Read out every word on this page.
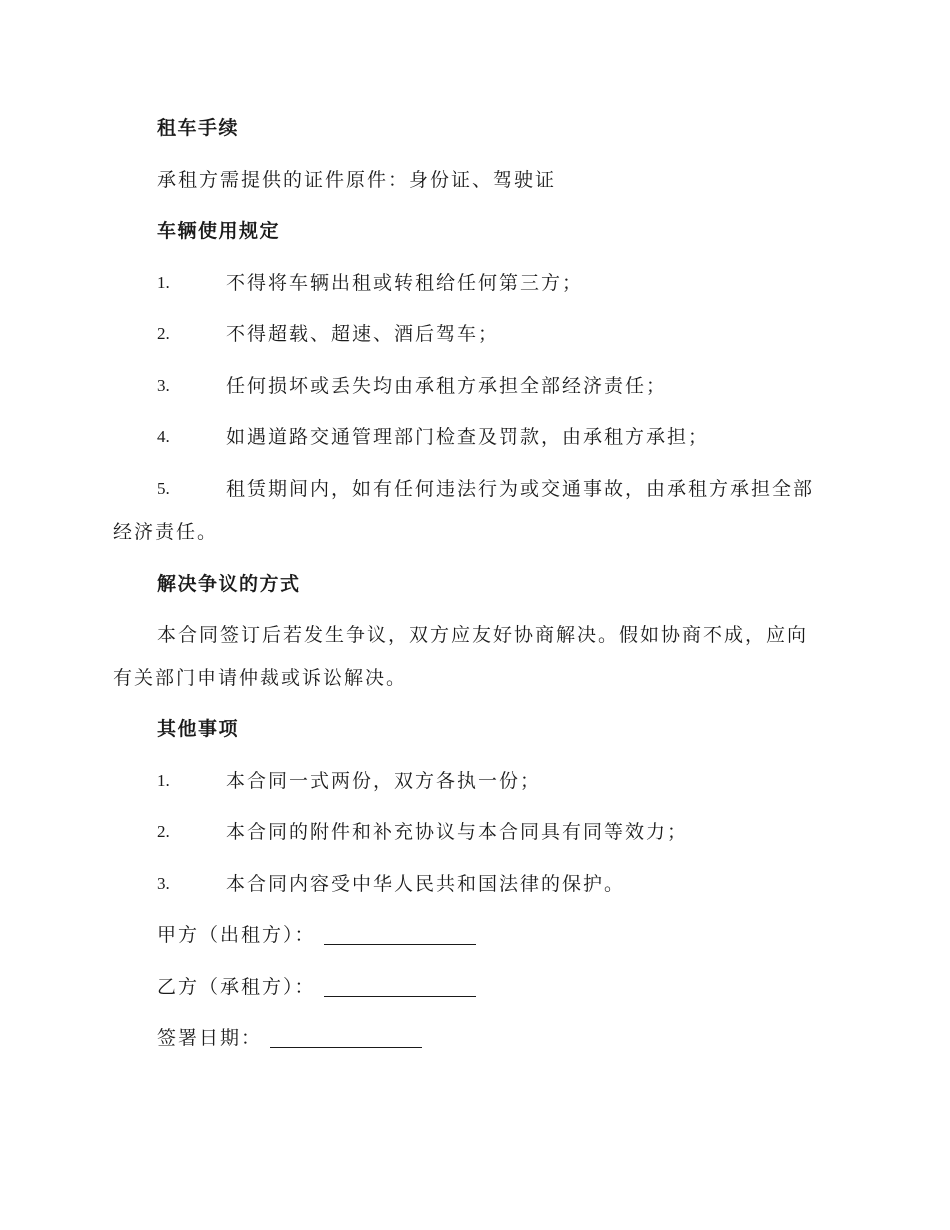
租车手续
承租方需提供的证件原件：身份证、驾驶证
车辆使用规定
1.	不得将车辆出租或转租给任何第三方；
2.	不得超载、超速、酒后驾车；
3.	任何损坏或丢失均由承租方承担全部经济责任；
4.	如遇道路交通管理部门检查及罚款，由承租方承担；
5.	租赁期间内，如有任何违法行为或交通事故，由承租方承担全部
经济责任。
解决争议的方式
本合同签订后若发生争议，双方应友好协商解决。假如协商不成，应向
有关部门申请仲裁或诉讼解决。
其他事项
1.	本合同一式两份，双方各执一份；
2.	本合同的附件和补充协议与本合同具有同等效力；
3.	本合同内容受中华人民共和国法律的保护。
甲方（出租方）：
乙方（承租方）：
签署日期：
